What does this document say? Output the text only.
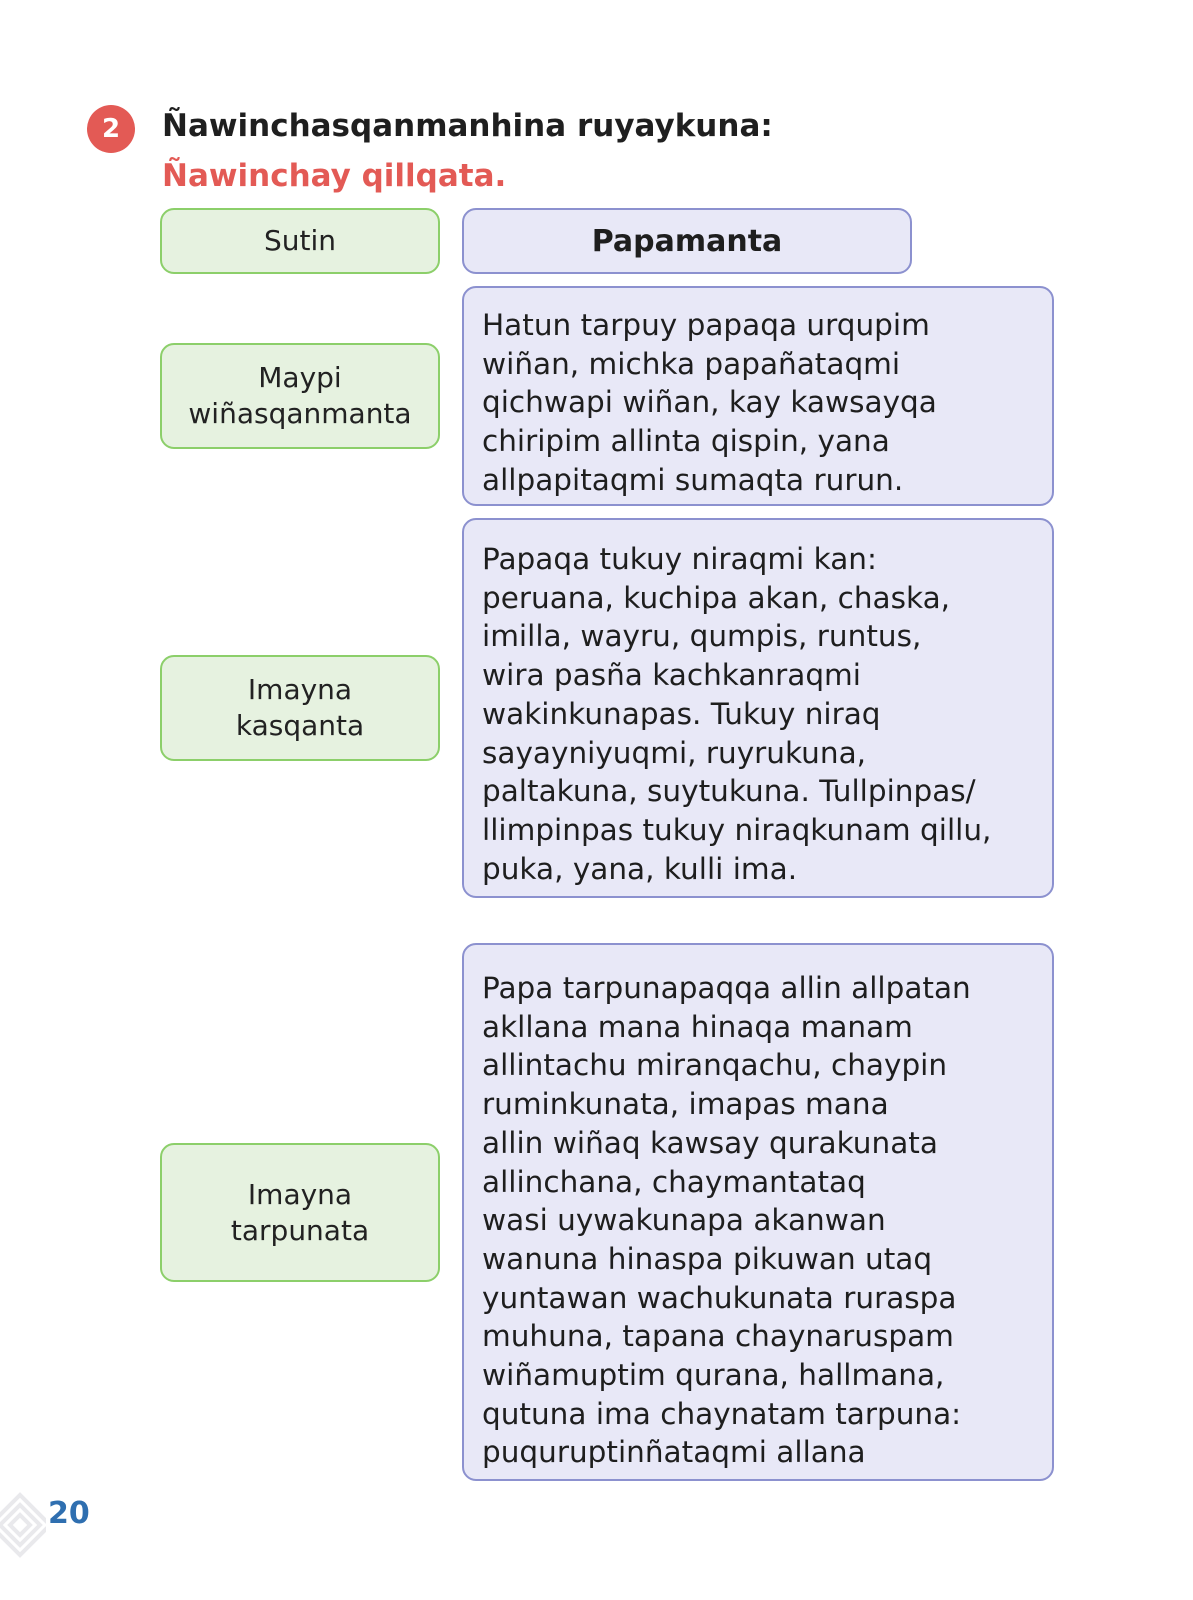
2 Ñawinchasqanmanhina ruyaykuna:
Ñawinchay qillqata.
Sutin	Papamanta
Maypi
wiñasqanmanta
Hatun tarpuy papaqa urqupim
wiñan, michka papañataqmi
qichwapi wiñan, kay kawsayqa
chiripim allinta qispin, yana
allpapitaqmi sumaqta rurun.
Imayna
kasqanta
Papaqa tukuy niraqmi kan:
peruana, kuchipa akan, chaska,
imilla, wayru, qumpis, runtus,
wira pasña kachkanraqmi
wakinkunapas. Tukuy niraq
sayayniyuqmi, ruyrukuna,
paltakuna, suytukuna. Tullpinpas/
llimpinpas tukuy niraqkunam qillu,
puka, yana, kulli ima.
Imayna
tarpunata
Papa tarpunapaqqa allin allpatan
akllana mana hinaqa manam
allintachu miranqachu, chaypin
ruminkunata, imapas mana
allin wiñaq kawsay qurakunata
allinchana, chaymantataq
wasi uywakunapa akanwan
wanuna hinaspa pikuwan utaq
yuntawan wachukunata ruraspa
muhuna, tapana chaynaruspam
wiñamuptim qurana, hallmana,
qutuna ima chaynatam tarpuna:
puquruptinñataqmi allana
20
